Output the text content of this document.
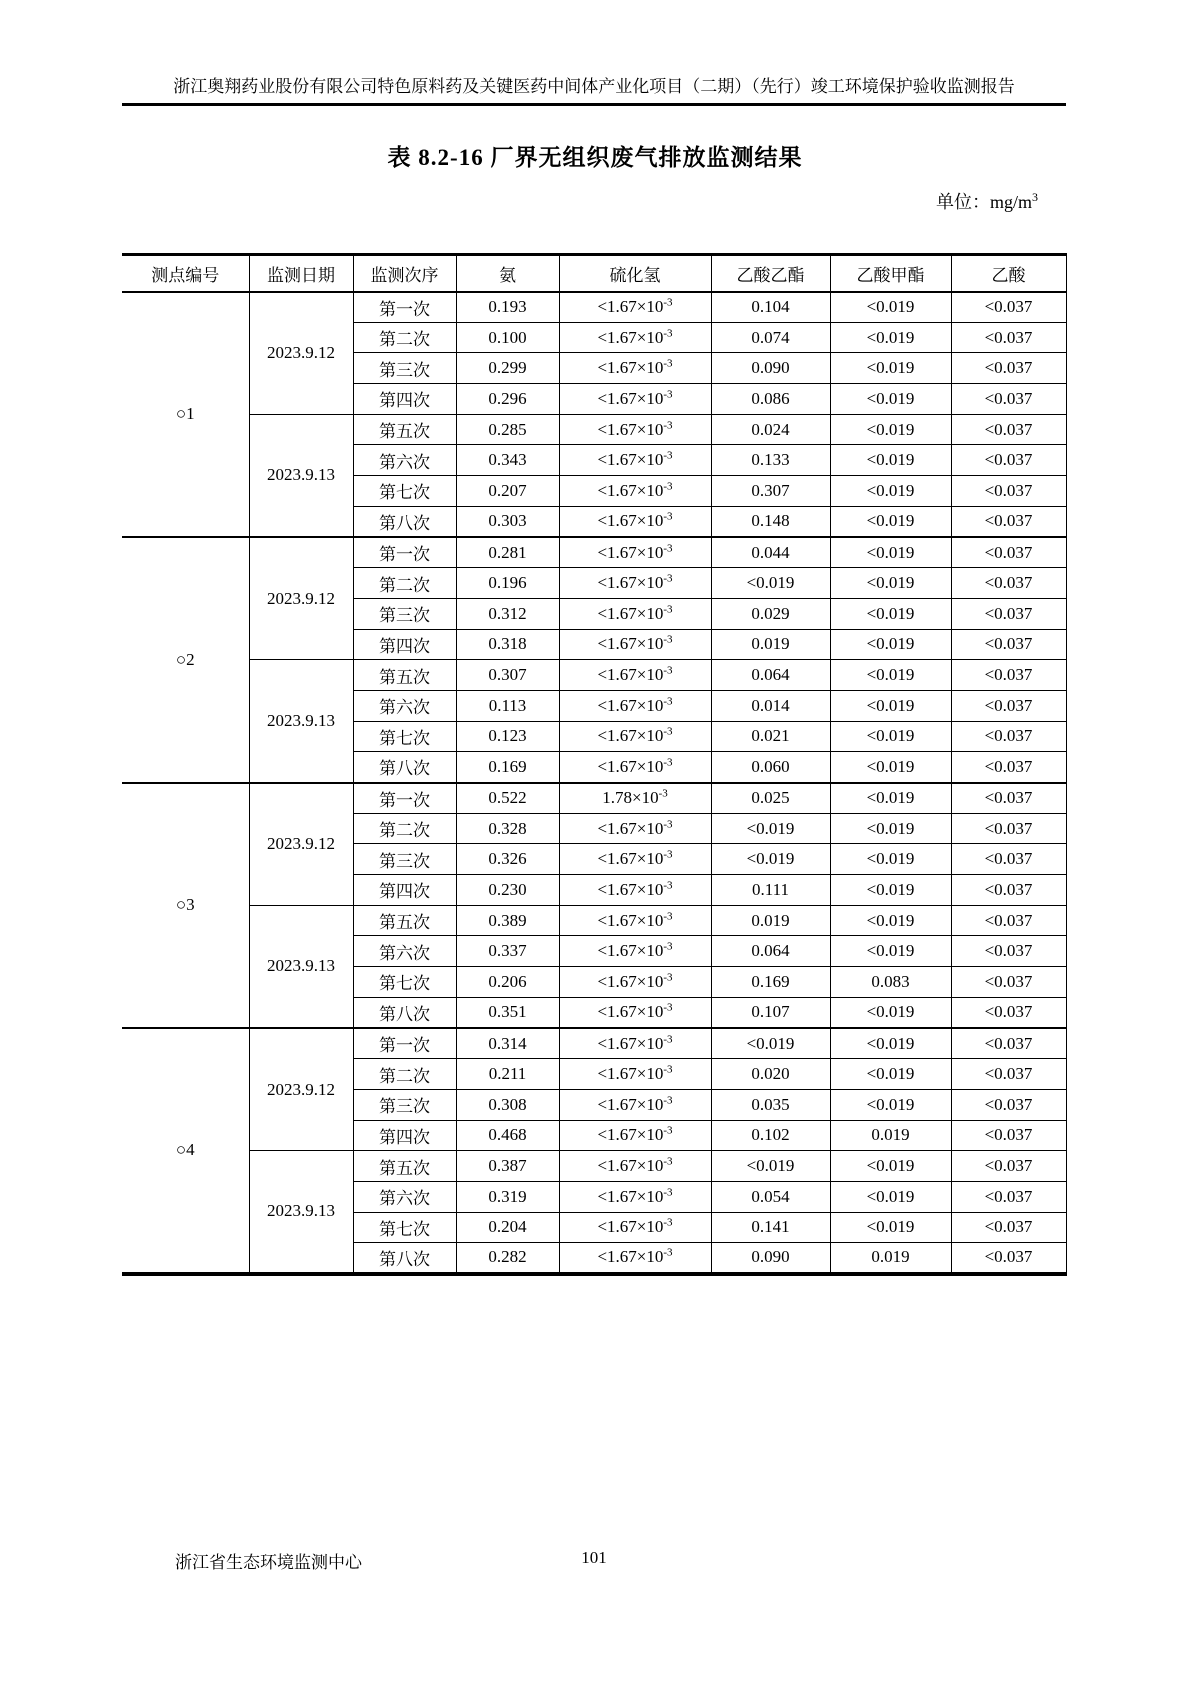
浙江奥翔药业股份有限公司特色原料药及关键医药中间体产业化项目（二期）（先行）竣工环境保护验收监测报告
表 8.2-16 厂界无组织废气排放监测结果
单位：$mg/m^3$
测点编号	监测日期	监测次序	氨	硫化氢	乙酸乙酯	乙酸甲酯	乙酸
○1	2023.9.12	第一次	0.193	$<1.67\times 10^{-3}$	0.104	<0.019	<0.037
		第二次	0.100	$<1.67\times 10^{-3}$	0.074	<0.019	<0.037
		第三次	0.299	$<1.67\times 10^{-3}$	0.090	<0.019	<0.037
		第四次	0.296	$<1.67\times 10^{-3}$	0.086	<0.019	<0.037
	2023.9.13	第五次	0.285	$<1.67\times 10^{-3}$	0.024	<0.019	<0.037
		第六次	0.343	$<1.67\times 10^{-3}$	0.133	<0.019	<0.037
		第七次	0.207	$<1.67\times 10^{-3}$	0.307	<0.019	<0.037
		第八次	0.303	$<1.67\times 10^{-3}$	0.148	<0.019	<0.037
○2	2023.9.12	第一次	0.281	$<1.67\times 10^{-3}$	0.044	<0.019	<0.037
		第二次	0.196	$<1.67\times 10^{-3}$	<0.019	<0.019	<0.037
		第三次	0.312	$<1.67\times 10^{-3}$	0.029	<0.019	<0.037
		第四次	0.318	$<1.67\times 10^{-3}$	0.019	<0.019	<0.037
	2023.9.13	第五次	0.307	$<1.67\times 10^{-3}$	0.064	<0.019	<0.037
		第六次	0.113	$<1.67\times 10^{-3}$	0.014	<0.019	<0.037
		第七次	0.123	$<1.67\times 10^{-3}$	0.021	<0.019	<0.037
		第八次	0.169	$<1.67\times 10^{-3}$	0.060	<0.019	<0.037
○3	2023.9.12	第一次	0.522	$1.78\times 10^{-3}$	0.025	<0.019	<0.037
		第二次	0.328	$<1.67\times 10^{-3}$	<0.019	<0.019	<0.037
		第三次	0.326	$<1.67\times 10^{-3}$	<0.019	<0.019	<0.037
		第四次	0.230	$<1.67\times 10^{-3}$	0.111	<0.019	<0.037
	2023.9.13	第五次	0.389	$<1.67\times 10^{-3}$	0.019	<0.019	<0.037
		第六次	0.337	$<1.67\times 10^{-3}$	0.064	<0.019	<0.037
		第七次	0.206	$<1.67\times 10^{-3}$	0.169	0.083	<0.037
		第八次	0.351	$<1.67\times 10^{-3}$	0.107	<0.019	<0.037
○4	2023.9.12	第一次	0.314	$<1.67\times 10^{-3}$	<0.019	<0.019	<0.037
		第二次	0.211	$<1.67\times 10^{-3}$	0.020	<0.019	<0.037
		第三次	0.308	$<1.67\times 10^{-3}$	0.035	<0.019	<0.037
		第四次	0.468	$<1.67\times 10^{-3}$	0.102	0.019	<0.037
	2023.9.13	第五次	0.387	$<1.67\times 10^{-3}$	<0.019	<0.019	<0.037
		第六次	0.319	$<1.67\times 10^{-3}$	0.054	<0.019	<0.037
		第七次	0.204	$<1.67\times 10^{-3}$	0.141	<0.019	<0.037
		第八次	0.282	$<1.67\times 10^{-3}$	0.090	0.019	<0.037
101
浙江省生态环境监测中心
